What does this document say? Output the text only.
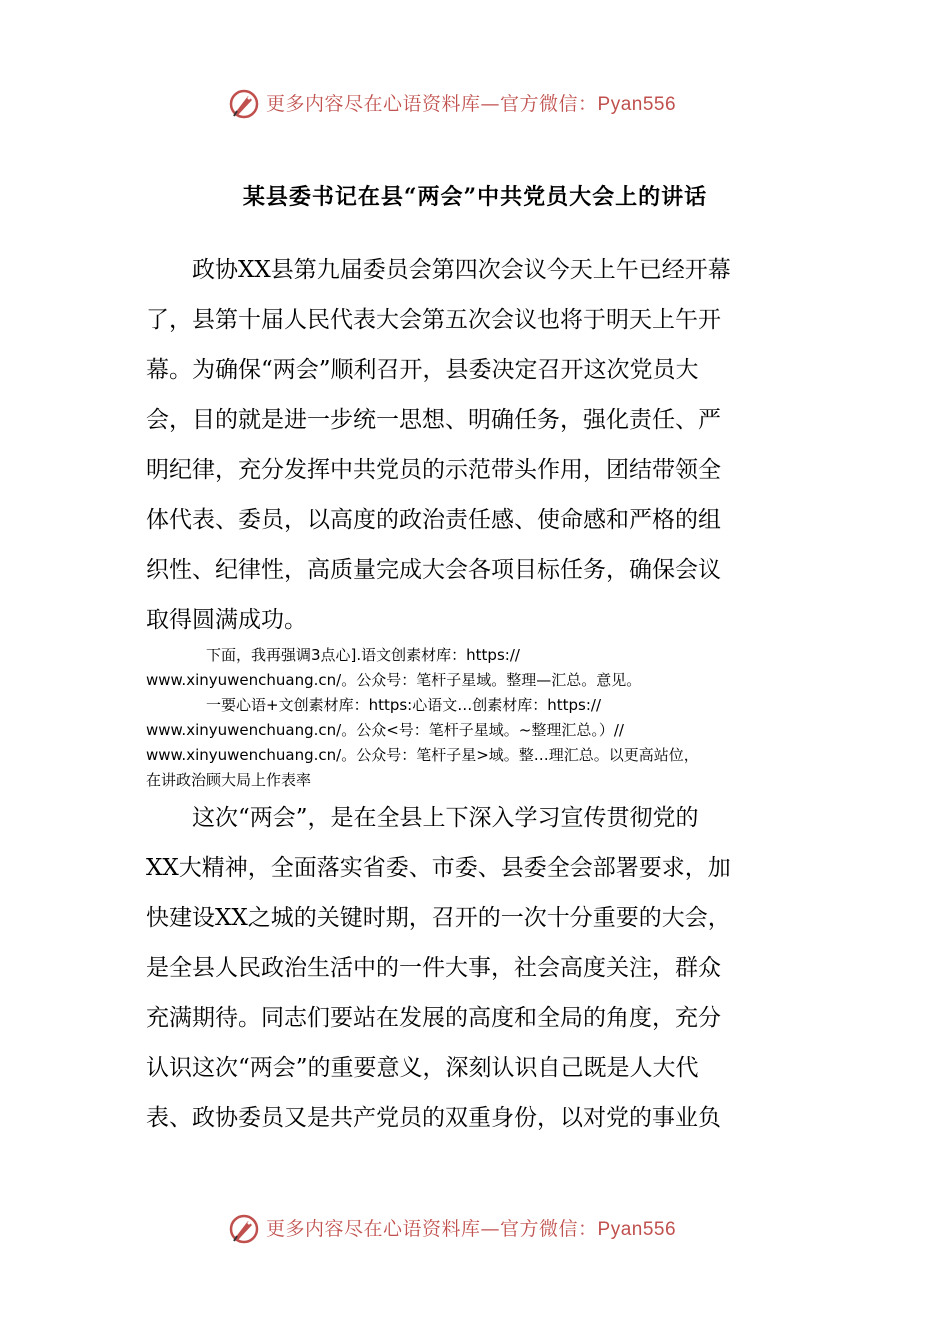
更多内容尽在心语资料库—官方微信：Pyan556
某县委书记在县“两会”中共党员大会上的讲话
　　政协XX县第九届委员会第四次会议今天上午已经开幕
了，县第十届人民代表大会第五次会议也将于明天上午开
幕。为确保“两会”顺利召开，县委决定召开这次党员大
会，目的就是进一步统一思想、明确任务，强化责任、严
明纪律，充分发挥中共党员的示范带头作用，团结带领全
体代表、委员，以高度的政治责任感、使命感和严格的组
织性、纪律性，高质量完成大会各项目标任务，确保会议
取得圆满成功。
　　　　下面，我再强调3点心].语文创素材库：https://
www.xinyuwenchuang.cn/。公众号：笔杆子星域。整理—汇总。意见。
　　　　一要心语+文创素材库：https:心语文…创素材库：https://
www.xinyuwenchuang.cn/。公众<号：笔杆子星域。~整理汇总。）//
www.xinyuwenchuang.cn/。公众号：笔杆子星>域。整…理汇总。以更高站位，
在讲政治顾大局上作表率
　　这次“两会”，是在全县上下深入学习宣传贯彻党的
XX大精神，全面落实省委、市委、县委全会部署要求，加
快建设XX之城的关键时期，召开的一次十分重要的大会，
是全县人民政治生活中的一件大事，社会高度关注，群众
充满期待。同志们要站在发展的高度和全局的角度，充分
认识这次“两会”的重要意义，深刻认识自己既是人大代
表、政协委员又是共产党员的双重身份，以对党的事业负
更多内容尽在心语资料库—官方微信：Pyan556
